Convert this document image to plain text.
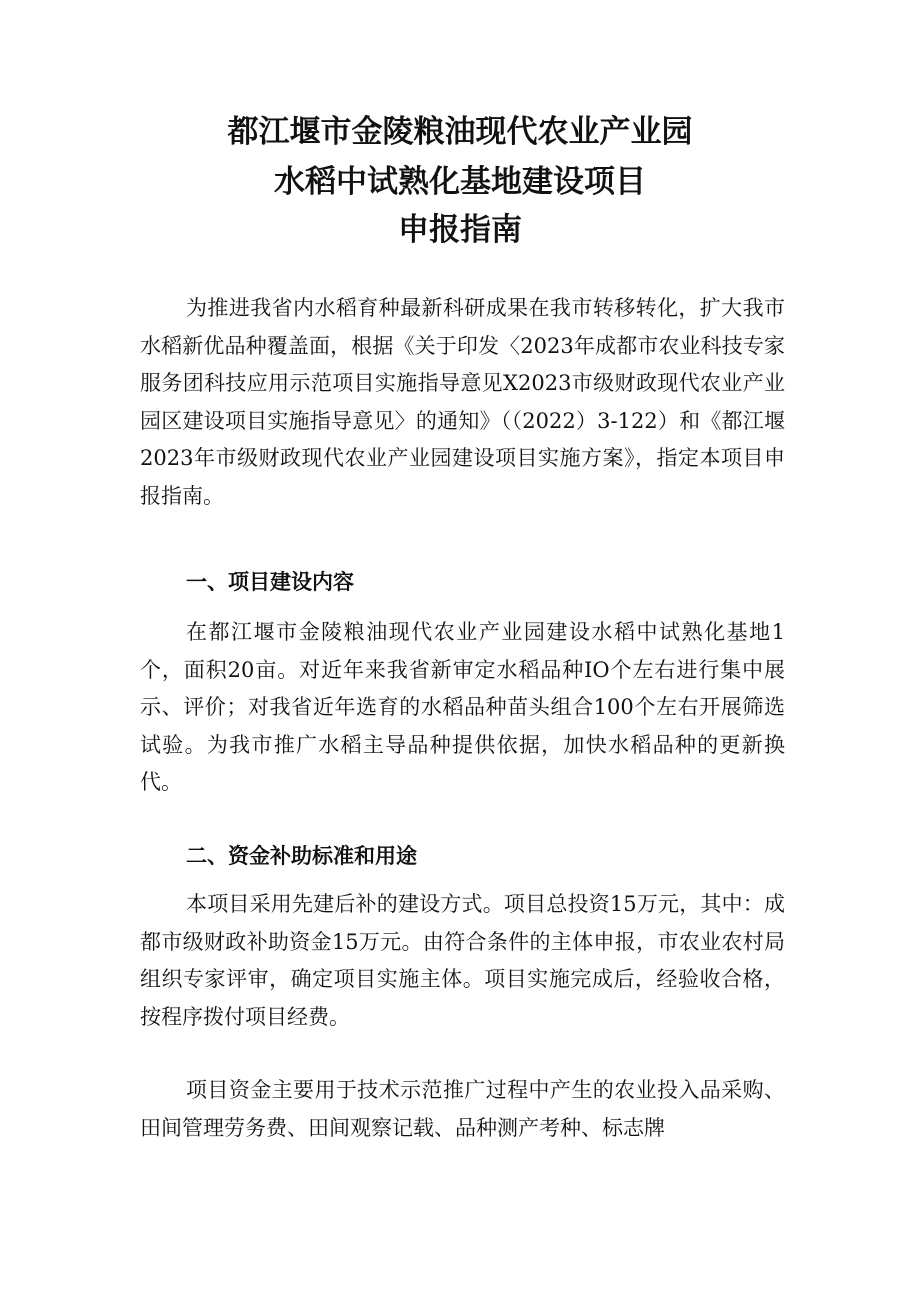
都江堰市金陵粮油现代农业产业园
水稻中试熟化基地建设项目
申报指南

为推进我省内水稻育种最新科研成果在我市转移转化，扩大我市水稻新优品种覆盖面，根据《关于印发〈2023年成都市农业科技专家服务团科技应用示范项目实施指导意见X2023市级财政现代农业产业园区建设项目实施指导意见〉的通知》（（2022）3-122）和《都江堰2023年市级财政现代农业产业园建设项目实施方案》，指定本项目申报指南。

一、项目建设内容

在都江堰市金陵粮油现代农业产业园建设水稻中试熟化基地1个，面积20亩。对近年来我省新审定水稻品种IO个左右进行集中展示、评价；对我省近年选育的水稻品种苗头组合100个左右开展筛选试验。为我市推广水稻主导品种提供依据，加快水稻品种的更新换代。

二、资金补助标准和用途

本项目采用先建后补的建设方式。项目总投资15万元，其中：成都市级财政补助资金15万元。由符合条件的主体申报，市农业农村局组织专家评审，确定项目实施主体。项目实施完成后，经验收合格，按程序拨付项目经费。

项目资金主要用于技术示范推广过程中产生的农业投入品采购、田间管理劳务费、田间观察记载、品种测产考种、标志牌
